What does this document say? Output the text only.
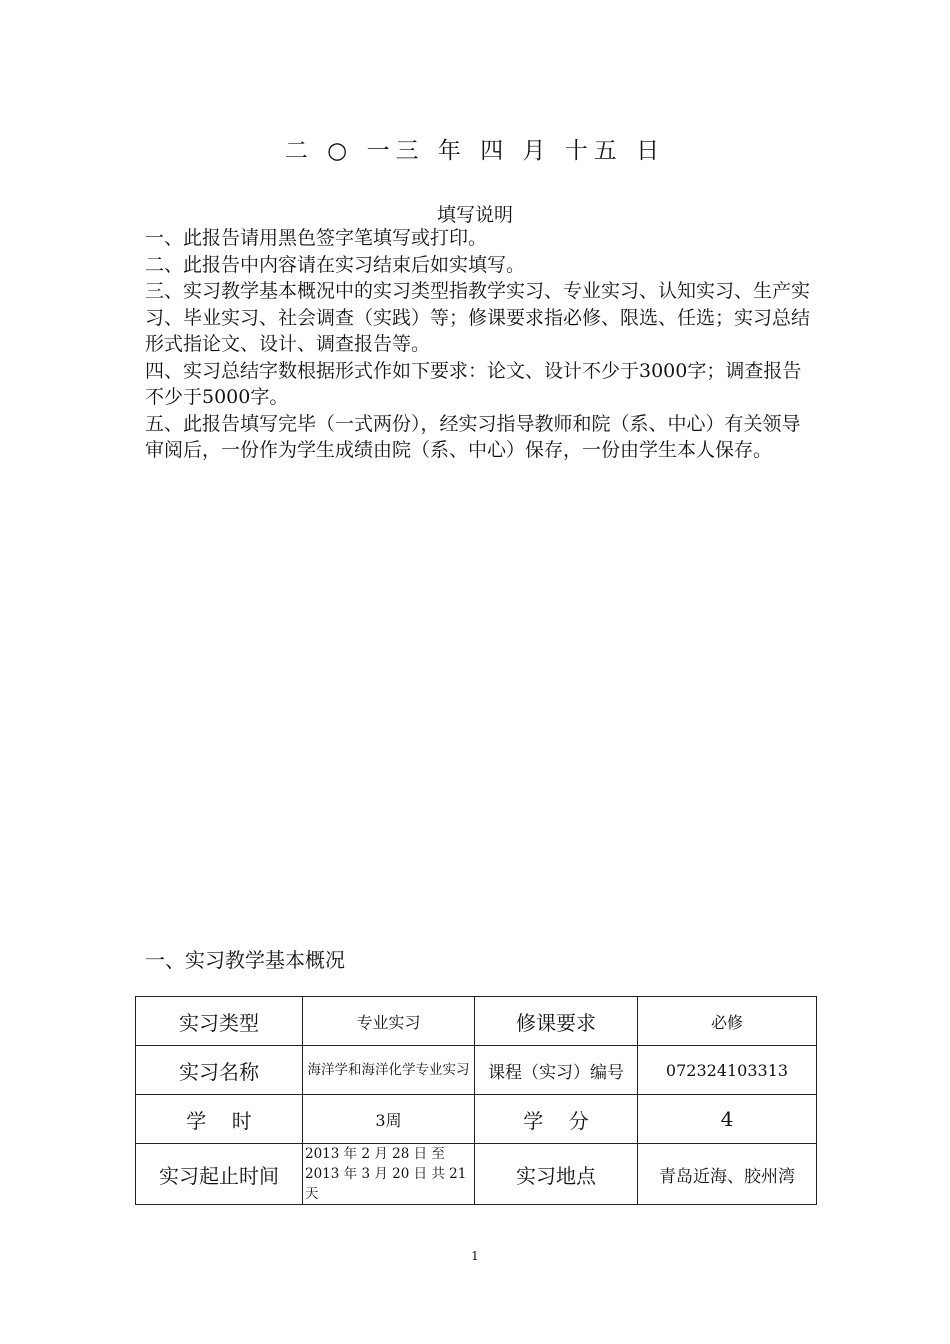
二 ○ 一三 年 四 月 十五 日
填写说明

一、此报告请用黑色签字笔填写或打印。

二、此报告中内容请在实习结束后如实填写。

三、实习教学基本概况中的实习类型指教学实习、专业实习、认知实习、生产实习、毕业实习、社会调查（实践）等；修课要求指必修、限选、任选；实习总结形式指论文、设计、调查报告等。

四、实习总结字数根据形式作如下要求：论文、设计不少于3000字；调查报告不少于5000字。

五、此报告填写完毕（一式两份），经实习指导教师和院（系、中心）有关领导审阅后，一份作为学生成绩由院（系、中心）保存，一份由学生本人保存。

一、实习教学基本概况
实习类型	专业实习	修课要求	必修
实习名称	海洋学和海洋化学专业实习	课程（实习）编号	072324103313
学    时	3周	学    分	4
实习起止时间	2013 年 2 月 28 日 至 2013 年 3 月 20 日 共 21 天	实习地点	青岛近海、胶州湾
1
